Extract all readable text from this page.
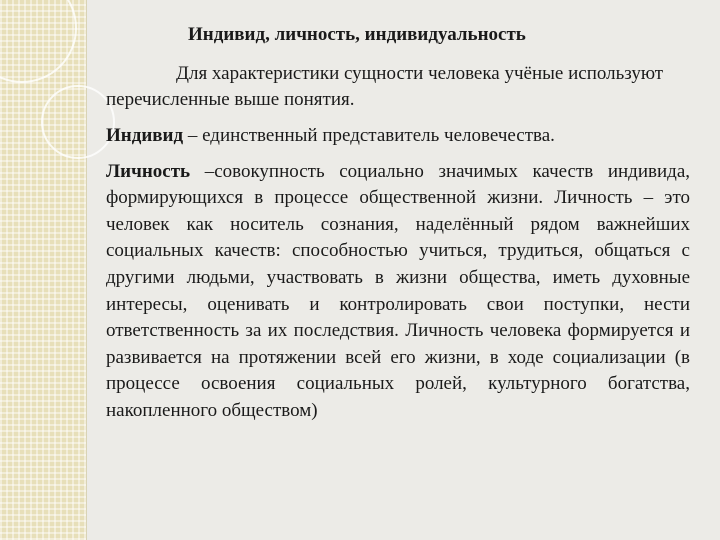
Индивид, личность, индивидуальность

Для характеристики сущности человека учёные используют перечисленные выше понятия.

Индивид – единственный представитель человечества.

Личность –совокупность социально значимых качеств индивида, формирующихся в процессе общественной жизни. Личность – это человек как носитель сознания, наделённый рядом важнейших социальных качеств: способностью учиться, трудиться, общаться с другими людьми, участвовать в жизни общества, иметь духовные интересы, оценивать и контролировать свои поступки, нести ответственность за их последствия. Личность человека формируется и развивается на протяжении всей его жизни, в ходе социализации (в процессе освоения социальных ролей, культурного богатства, накопленного обществом)
